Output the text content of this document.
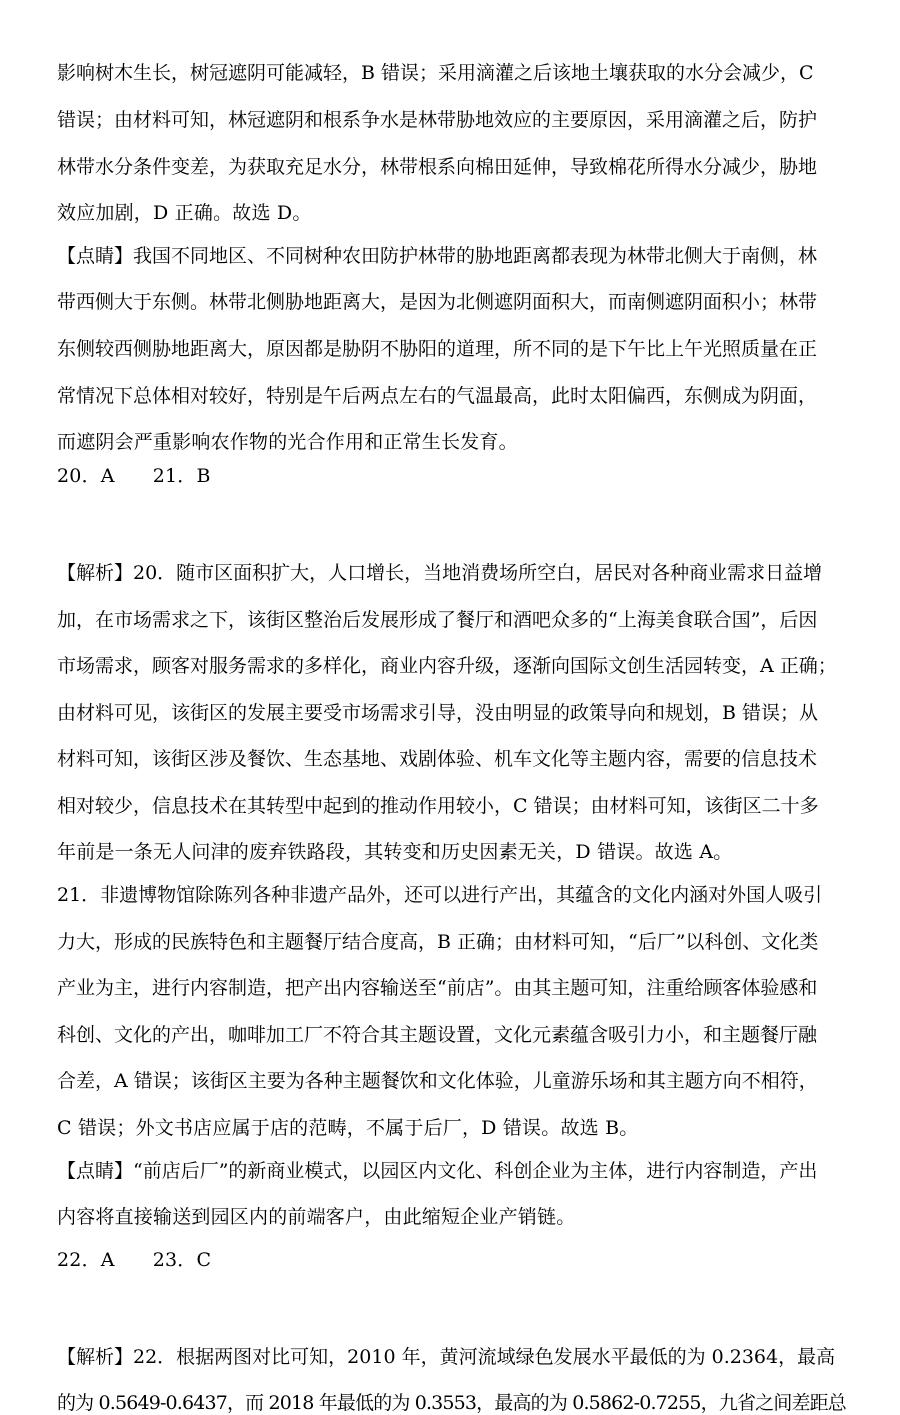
影响树木生长，树冠遮阴可能减轻，B 错误；采用滴灌之后该地土壤获取的水分会减少，C
错误；由材料可知，林冠遮阴和根系争水是林带胁地效应的主要原因，采用滴灌之后，防护
林带水分条件变差，为获取充足水分，林带根系向棉田延伸，导致棉花所得水分减少，胁地
效应加剧，D 正确。故选 D。
【点睛】我国不同地区、不同树种农田防护林带的胁地距离都表现为林带北侧大于南侧，林
带西侧大于东侧。林带北侧胁地距离大，是因为北侧遮阴面积大，而南侧遮阴面积小；林带
东侧较西侧胁地距离大，原因都是胁阴不胁阳的道理，所不同的是下午比上午光照质量在正
常情况下总体相对较好，特别是午后两点左右的气温最高，此时太阳偏西，东侧成为阴面，
而遮阴会严重影响农作物的光合作用和正常生长发育。
20．A 21．B
【解析】20．随市区面积扩大，人口增长，当地消费场所空白，居民对各种商业需求日益增
加，在市场需求之下，该街区整治后发展形成了餐厅和酒吧众多的“上海美食联合国”，后因
市场需求，顾客对服务需求的多样化，商业内容升级，逐渐向国际文创生活园转变，A 正确；
由材料可见，该街区的发展主要受市场需求引导，没由明显的政策导向和规划，B 错误；从
材料可知，该街区涉及餐饮、生态基地、戏剧体验、机车文化等主题内容，需要的信息技术
相对较少，信息技术在其转型中起到的推动作用较小，C 错误；由材料可知，该街区二十多
年前是一条无人问津的废弃铁路段，其转变和历史因素无关，D 错误。故选 A。
21．非遗博物馆除陈列各种非遗产品外，还可以进行产出，其蕴含的文化内涵对外国人吸引
力大，形成的民族特色和主题餐厅结合度高，B 正确；由材料可知，“后厂”以科创、文化类
产业为主，进行内容制造，把产出内容输送至“前店”。由其主题可知，注重给顾客体验感和
科创、文化的产出，咖啡加工厂不符合其主题设置，文化元素蕴含吸引力小，和主题餐厅融
合差，A 错误；该街区主要为各种主题餐饮和文化体验，儿童游乐场和其主题方向不相符，
C 错误；外文书店应属于店的范畴，不属于后厂，D 错误。故选 B。
【点睛】“前店后厂”的新商业模式，以园区内文化、科创企业为主体，进行内容制造，产出
内容将直接输送到园区内的前端客户，由此缩短企业产销链。
22．A 23．C
【解析】22．根据两图对比可知，2010 年，黄河流域绿色发展水平最低的为 0.2364，最高
的为 0.5649-0.6437，而 2018 年最低的为 0.3553，最高的为 0.5862-0.7255，九省之间差距总
